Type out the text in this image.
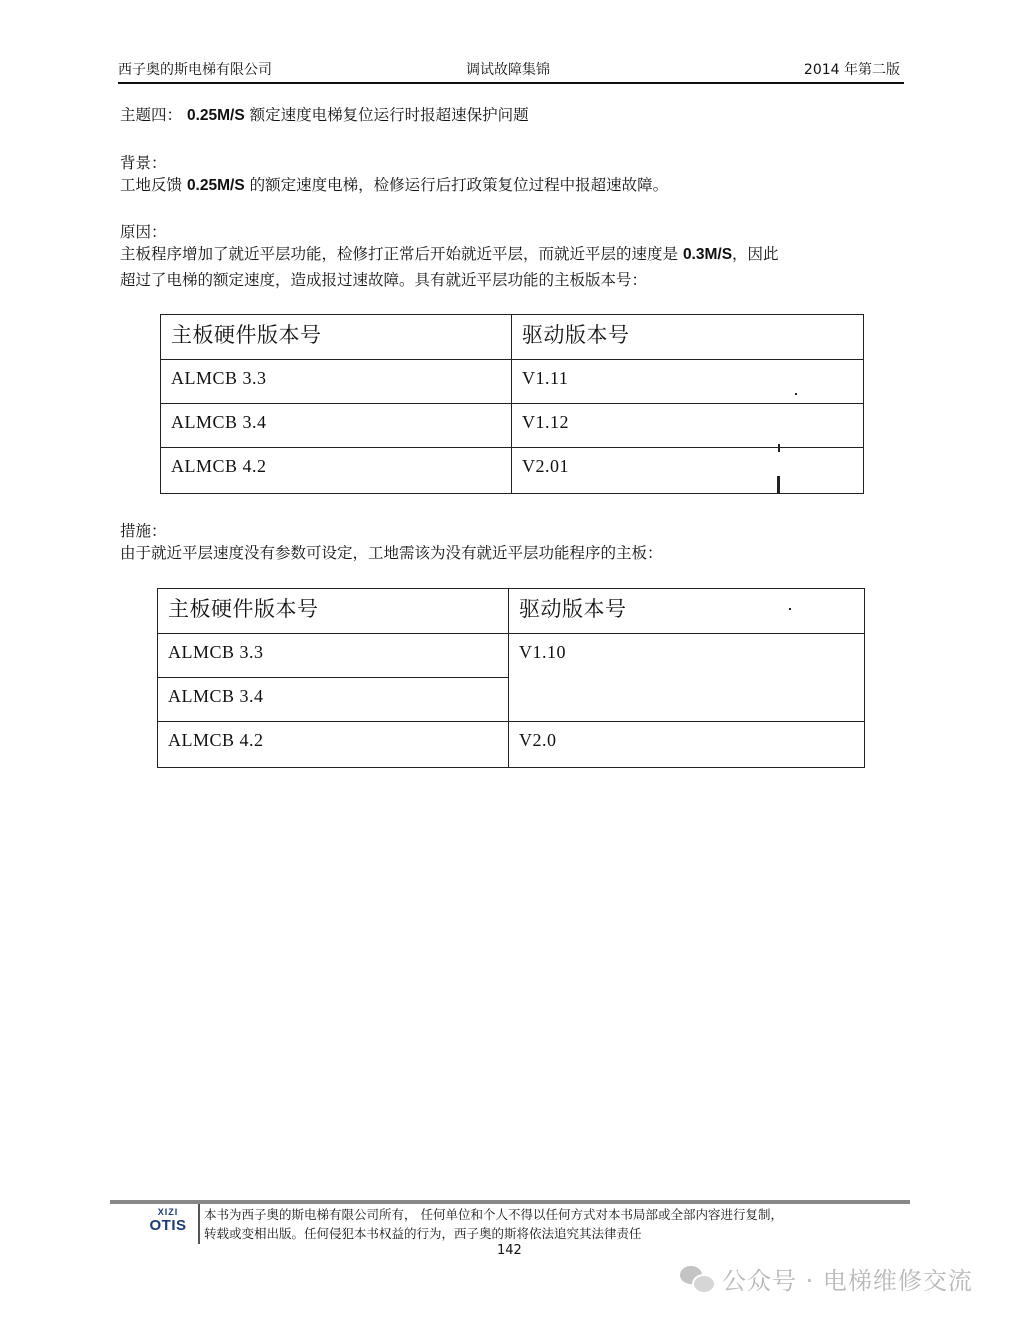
西子奥的斯电梯有限公司	调试故障集锦	2014 年第二版
主题四： 0.25M/S 额定速度电梯复位运行时报超速保护问题
背景：
工地反馈 0.25M/S 的额定速度电梯，检修运行后打政策复位过程中报超速故障。
原因：
主板程序增加了就近平层功能，检修打正常后开始就近平层，而就近平层的速度是 0.3M/S，因此
超过了电梯的额定速度，造成报过速故障。具有就近平层功能的主板版本号：
主板硬件版本号	驱动版本号
ALMCB 3.3	V1.11
ALMCB 3.4	V1.12
ALMCB 4.2	V2.01
措施：
由于就近平层速度没有参数可设定，工地需该为没有就近平层功能程序的主板：
主板硬件版本号	驱动版本号
ALMCB 3.3	V1.10
ALMCB 3.4	
ALMCB 4.2	V2.0
XIZI
OTIS
本书为西子奥的斯电梯有限公司所有， 任何单位和个人不得以任何方式对本书局部或全部内容进行复制，
转载或变相出版。任何侵犯本书权益的行为，西子奥的斯将依法追究其法律责任
142
公众号 · 电梯维修交流
